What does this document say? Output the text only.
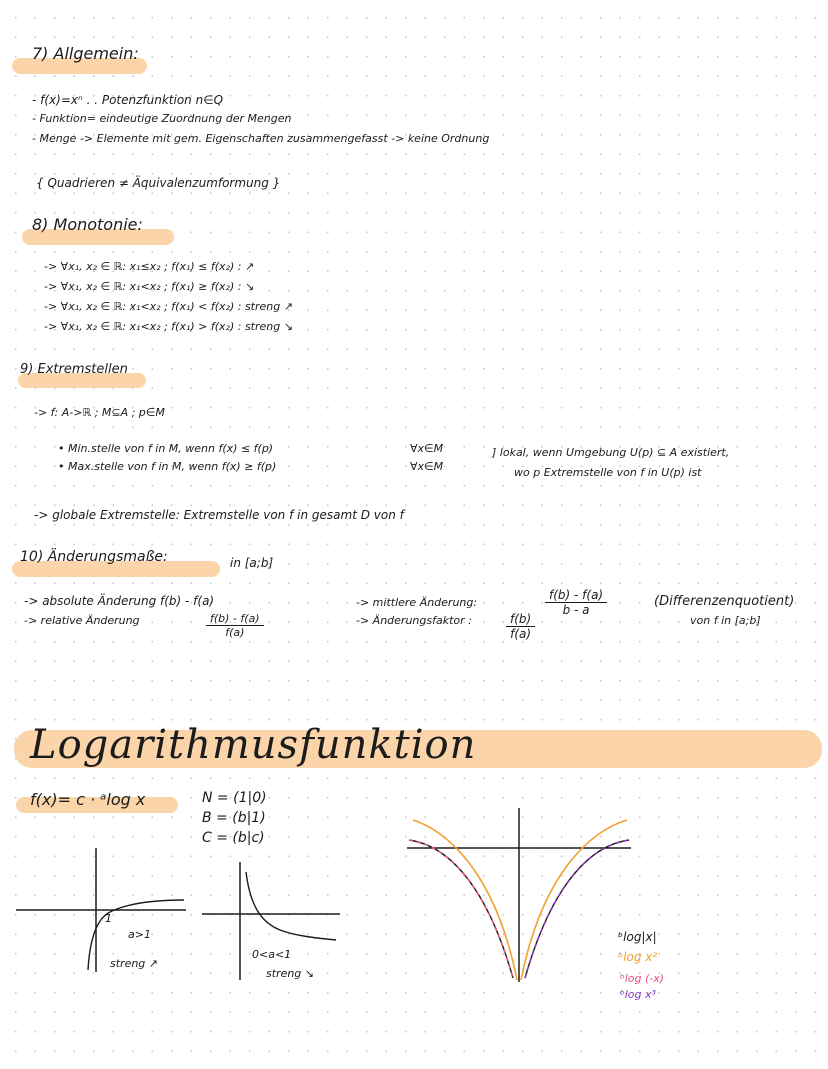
7) Allgemein:
- f(x)=xⁿ . . Potenzfunktion n∈Q
- Funktion= eindeutige Zuordnung der Mengen
- Menge -> Elemente mit gem. Eigenschaften zusammengefasst -> keine Ordnung
{ Quadrieren ≠ Äquivalenzumformung }
8) Monotonie:
-> ∀x₁, x₂ ∈ ℝ: x₁≤x₂ ; f(x₁) ≤ f(x₂) : ↗
-> ∀x₁, x₂ ∈ ℝ: x₁<x₂ ; f(x₁) ≥ f(x₂) : ↘
-> ∀x₁, x₂ ∈ ℝ: x₁<x₂ ; f(x₁) < f(x₂) : streng ↗
-> ∀x₁, x₂ ∈ ℝ: x₁<x₂ ; f(x₁) > f(x₂) : streng ↘
9) Extremstellen
-> f: A->ℝ ; M⊆A ; p∈M
• Min.stelle von f in M, wenn f(x) ≤ f(p)
• Max.stelle von f in M, wenn f(x) ≥ f(p)
∀x∈M
∀x∈M
] lokal, wenn Umgebung U(p) ⊆ A existiert,
wo p Extremstelle von f in U(p) ist
-> globale Extremstelle: Extremstelle von f in gesamt D von f
10) Änderungsmaße:	in [a;b]
-> absolute Änderung f(b) - f(a)
-> relative Änderung	$\frac{f(b) - f(a)}{f(a)}$
-> mittlere Änderung:	$\frac{f(b) - f(a)}{b - a}$
-> Änderungsfaktor :	$\frac{f(b)}{f(a)}$
(Differenzenquotient)
von f in [a;b]
Logarithmusfunktion
f(x)= c · ᵃlog x	N = (1|0)
B = (b|1)
C = (b|c)
1
a>1
streng ↗
0<a<1
streng ↘
ᵇlog|x|
ᵇlog x²
ᵇlog (-x)
ᵇlog x³
